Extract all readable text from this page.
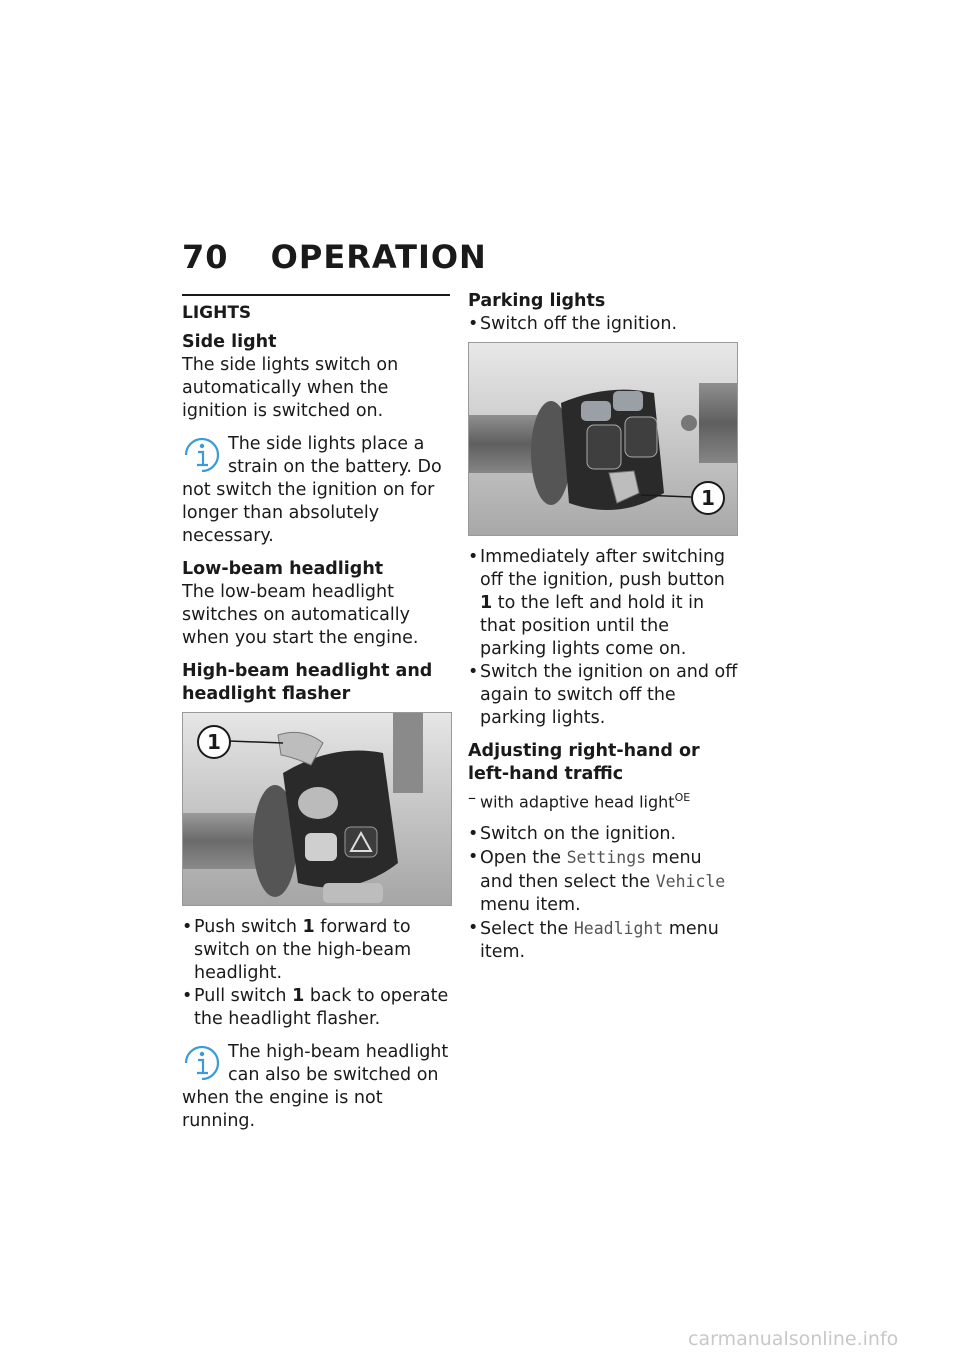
70 OPERATION
LIGHTS
Side light

The side lights switch on automatically when the ignition is switched on.

The side lights place a strain on the battery. Do not switch the ignition on for longer than absolutely necessary.
Low-beam headlight

The low-beam headlight switches on automatically when you start the engine.

High-beam headlight and headlight flasher
1
• Push switch 1 forward to switch on the high-beam headlight.
• Pull switch 1 back to operate the headlight flasher.
The high-beam headlight can also be switched on when the engine is not running.
Parking lights
• Switch off the ignition.
1
• Immediately after switching off the ignition, push button 1 to the left and hold it in that position until the parking lights come on.
• Switch the ignition on and off again to switch off the parking lights.
Adjusting right-hand or left-hand traffic
– with adaptive head light$^{OE}$
• Switch on the ignition.
• Open the Settings menu and then select the Vehicle menu item.
• Select the Headlight menu item.
carmanualsonline.info
